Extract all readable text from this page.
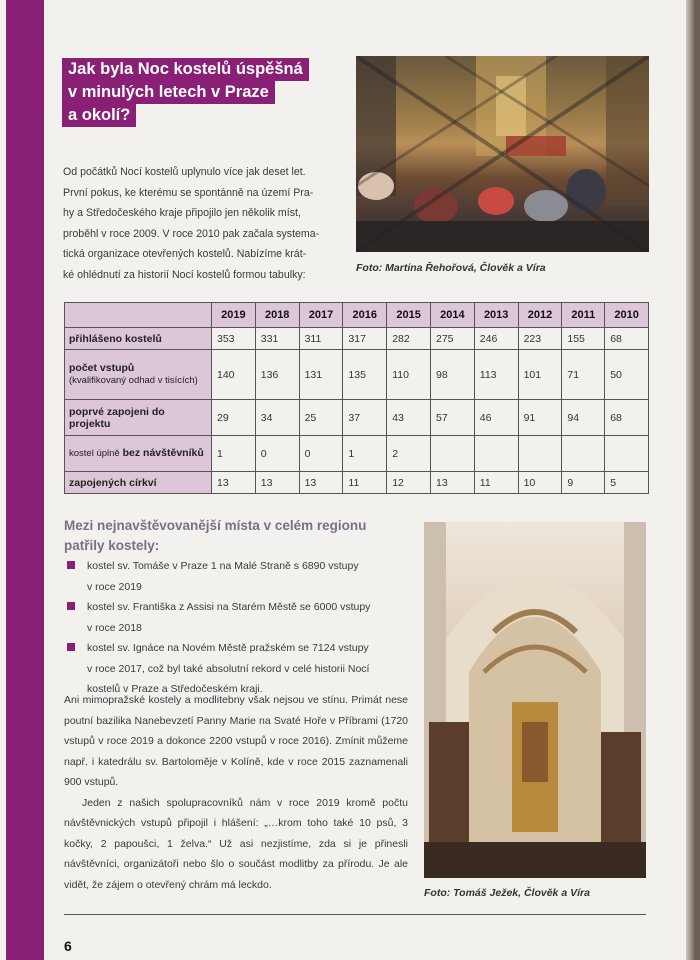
Jak byla Noc kostelů úspěšná
v minulých letech v Praze
a okolí?
Od počátků Nocí kostelů uplynulo více jak deset let.
První pokus, ke kterému se spontánně na území Pra-
hy a Středočeského kraje připojilo jen několik míst,
proběhl v roce 2009. V roce 2010 pak začala systema-
tická organizace otevřených kostelů. Nabízíme krát-
ké ohlédnutí za historií Nocí kostelů formou tabulky:
Foto: Martina Řehořová, Člověk a Víra
	2019	2018	2017	2016	2015	2014	2013	2012	2011	2010
přihlášeno kostelů	353	331	311	317	282	275	246	223	155	68
počet vstupů
(kvalifikovaný odhad v tisících)	140	136	131	135	110	98	113	101	71	50
poprvé zapojeni do projektu	29	34	25	37	43	57	46	91	94	68
kostel úplně bez návštěvníků	1	0	0	1	2					
zapojených církví	13	13	13	11	12	13	11	10	9	5
Mezi nejnavštěvovanější místa v celém regionu patřily kostely:
kostel sv. Tomáše v Praze 1 na Malé Straně s 6890 vstupy
v roce 2019
kostel sv. Františka z Assisi na Starém Městě se 6000 vstupy
v roce 2018
kostel sv. Ignáce na Novém Městě pražském se 7124 vstupy
v roce 2017, což byl také absolutní rekord v celé historii Nocí
kostelů v Praze a Středočeském kraji.

Ani mimopražské kostely a modlitebny však nejsou ve stínu. Primát nese poutní bazilika Nanebevzetí Panny Marie na Svaté Hoře v Příbrami (1720 vstupů v roce 2019 a dokonce 2200 vstupů v roce 2016). Zmínit můžeme např. i katedrálu sv. Bartoloměje v Kolíně, kde v roce 2015 zaznamenali 900 vstupů.

Jeden z našich spolupracovníků nám v roce 2019 kromě počtu návštěvnických vstupů připojil i hlášení: „…krom toho také 10 psů, 3 kočky, 2 papoušci, 1 želva.“ Už asi nezjistíme, zda si je přinesli návštěvníci, organizátoři nebo šlo o součást modlitby za přírodu. Je ale vidět, že zájem o otevřený chrám má leckdo.

Foto: Tomáš Ježek, Člověk a Víra
6
